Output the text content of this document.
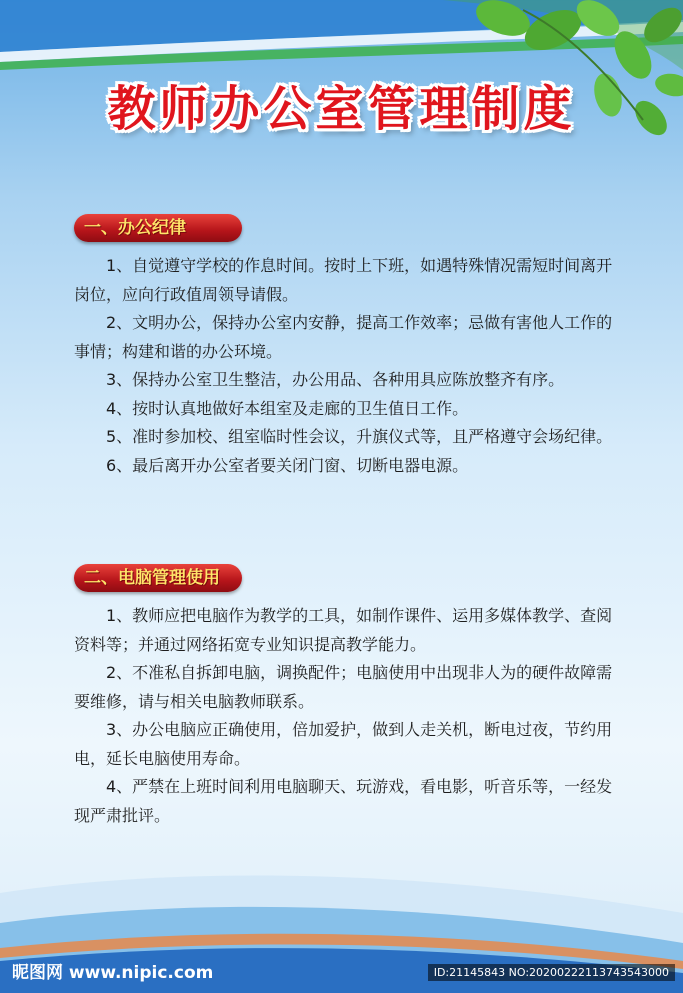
教师办公室管理制度
一、办公纪律

1、自觉遵守学校的作息时间。按时上下班，如遇特殊情况需短时间离开岗位，应向行政值周领导请假。

2、文明办公，保持办公室内安静，提高工作效率；忌做有害他人工作的事情；构建和谐的办公环境。

3、保持办公室卫生整洁，办公用品、各种用具应陈放整齐有序。

4、按时认真地做好本组室及走廊的卫生值日工作。

5、准时参加校、组室临时性会议，升旗仪式等，且严格遵守会场纪律。

6、最后离开办公室者要关闭门窗、切断电器电源。

二、电脑管理使用

1、教师应把电脑作为教学的工具，如制作课件、运用多媒体教学、查阅资料等；并通过网络拓宽专业知识提高教学能力。

2、不准私自拆卸电脑，调换配件；电脑使用中出现非人为的硬件故障需要维修，请与相关电脑教师联系。

3、办公电脑应正确使用，倍加爱护，做到人走关机，断电过夜，节约用电，延长电脑使用寿命。

4、严禁在上班时间利用电脑聊天、玩游戏，看电影，听音乐等，一经发现严肃批评。

昵图网 www.nipic.com	ID:21145843 NO:20200222113743543000
